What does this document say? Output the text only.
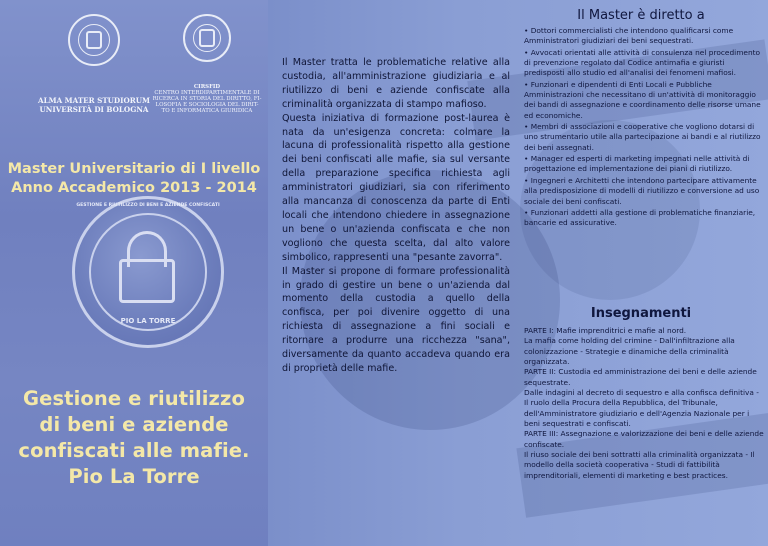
ALMA MATER STUDIORUM
UNIVERSITÀ DI BOLOGNA
CIRSFID
CENTRO INTERDIPARTIMENTALE DI
RICERCA IN STORIA DEL DIRITTO, FI-
LOSOFIA E SOCIOLOGIA DEL DIRIT-
TO E INFORMATICA GIURIDICA
Master Universitario di I livello
Anno Accademico 2013 - 2014
GESTIONE E RIUTILIZZO DI BENI E AZIENDE CONFISCATI
PIO LA TORRE
Gestione e riutilizzo
di beni e aziende
confiscati alle mafie.
Pio La Torre

Il Master tratta le problematiche relative alla custodia, all'amministrazione giudiziaria e al riutilizzo di beni e aziende confiscate alla criminalità organizzata di stampo mafioso.

Questa iniziativa di formazione post-laurea è nata da un'esigenza concreta: colmare la lacuna di professionalità rispetto alla gestione dei beni confiscati alle mafie, sia sul versante della preparazione specifica richiesta agli amministratori giudiziari, sia con riferimento alla mancanza di conoscenza da parte di Enti locali che intendono chiedere in assegnazione un bene o un'azienda confiscata e che non vogliono che questa scelta, dal alto valore simbolico, rappresenti una "pesante zavorra".

Il Master si propone di formare professionalità in grado di gestire un bene o un'azienda dal momento della custodia a quello della confisca, per poi divenire oggetto di una richiesta di assegnazione a fini sociali e ritornare a produrre una ricchezza "sana", diversamente da quanto accadeva quando era di proprietà delle mafie.

Il Master è diretto a
• Dottori commercialisti che intendono qualificarsi come Amministratori giudiziari dei beni sequestrati.
• Avvocati orientati alle attività di consulenza nel procedimento di prevenzione regolato dal Codice antimafia e giuristi predisposti allo studio ed all'analisi dei fenomeni mafiosi.
• Funzionari e dipendenti di Enti Locali e Pubbliche Amministrazioni che necessitano di un'attività di monitoraggio dei bandi di assegnazione e coordinamento delle risorse umane ed economiche.
• Membri di associazioni e cooperative che vogliono dotarsi di uno strumentario utile alla partecipazione ai bandi e al riutilizzo dei beni assegnati.
• Manager ed esperti di marketing impegnati nelle attività di progettazione ed implementazione dei piani di riutilizzo.
• Ingegneri e Architetti che intendono partecipare attivamente alla predisposizione di modelli di riutilizzo e conversione ad uso sociale dei beni confiscati.
• Funzionari addetti alla gestione di problematiche finanziarie, bancarie ed assicurative.
Insegnamenti

PARTE I: Mafie imprenditrici e mafie al nord.

La mafia come holding del crimine - Dall'infiltrazione alla colonizzazione - Strategie e dinamiche della criminalità organizzata.

PARTE II: Custodia ed amministrazione dei beni e delle aziende sequestrate.

Dalle indagini al decreto di sequestro e alla confisca definitiva - Il ruolo della Procura della Repubblica, del Tribunale, dell'Amministratore giudiziario e dell'Agenzia Nazionale per i beni sequestrati e confiscati.

PARTE III: Assegnazione e valorizzazione dei beni e delle aziende confiscate.

Il riuso sociale dei beni sottratti alla criminalità organizzata - Il modello della società cooperativa - Studi di fattibilità imprenditoriali, elementi di marketing e best practices.
